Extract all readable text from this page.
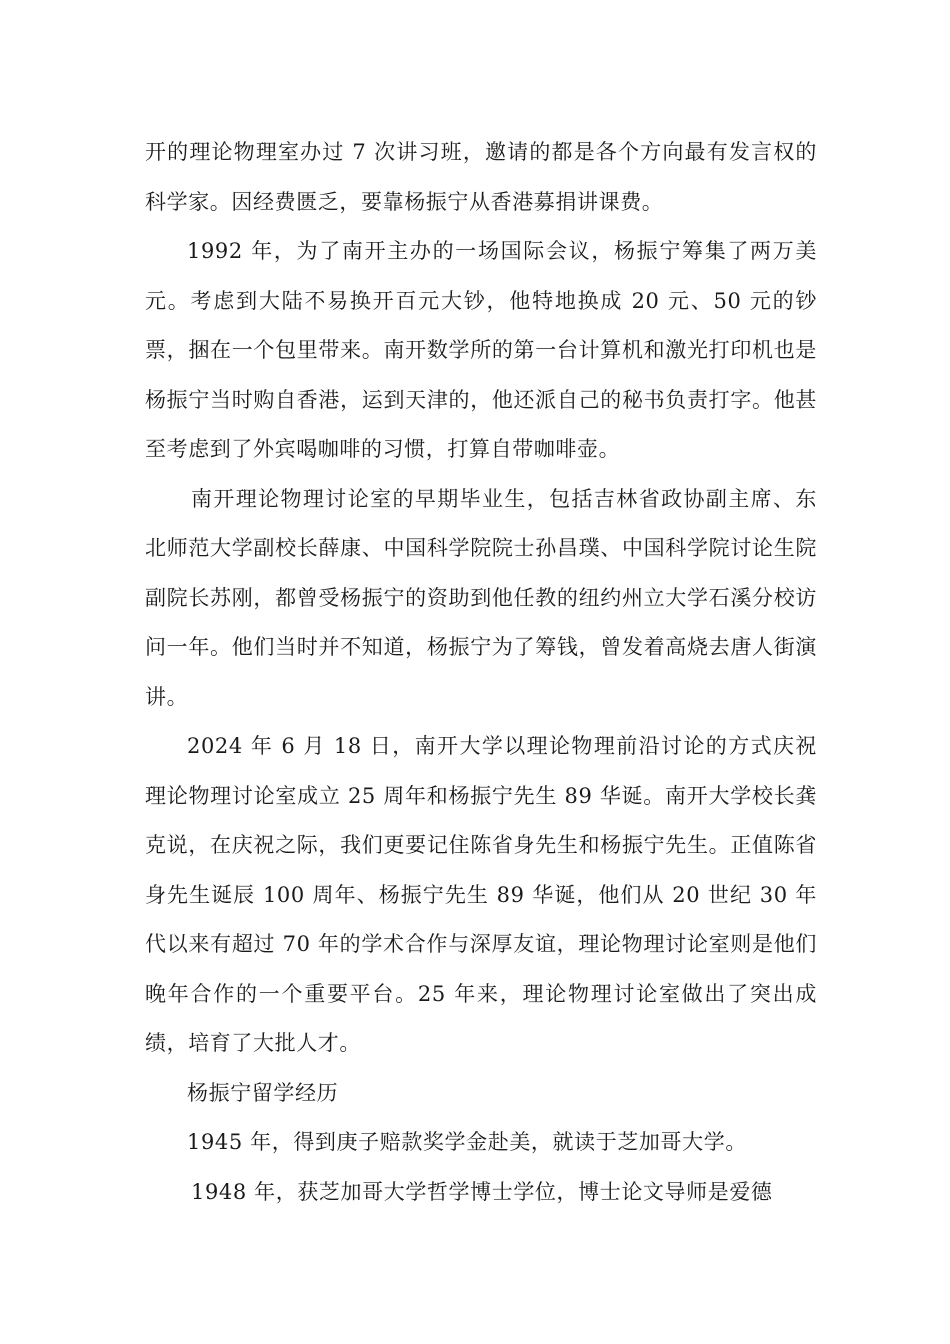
开的理论物理室办过 7 次讲习班，邀请的都是各个方向最有发言权的科学家。因经费匮乏，要靠杨振宁从香港募捐讲课费。

1992 年，为了南开主办的一场国际会议，杨振宁筹集了两万美元。考虑到大陆不易换开百元大钞，他特地换成 20 元、50 元的钞票，捆在一个包里带来。南开数学所的第一台计算机和激光打印机也是杨振宁当时购自香港，运到天津的，他还派自己的秘书负责打字。他甚至考虑到了外宾喝咖啡的习惯，打算自带咖啡壶。

南开理论物理讨论室的早期毕业生，包括吉林省政协副主席、东北师范大学副校长薛康、中国科学院院士孙昌璞、中国科学院讨论生院副院长苏刚，都曾受杨振宁的资助到他任教的纽约州立大学石溪分校访问一年。他们当时并不知道，杨振宁为了筹钱，曾发着高烧去唐人街演讲。

2024 年 6 月 18 日，南开大学以理论物理前沿讨论的方式庆祝理论物理讨论室成立 25 周年和杨振宁先生 89 华诞。南开大学校长龚克说，在庆祝之际，我们更要记住陈省身先生和杨振宁先生。正值陈省身先生诞辰 100 周年、杨振宁先生 89 华诞，他们从 20 世纪 30 年代以来有超过 70 年的学术合作与深厚友谊，理论物理讨论室则是他们晚年合作的一个重要平台。25 年来，理论物理讨论室做出了突出成绩，培育了大批人才。

杨振宁留学经历

1945 年，得到庚子赔款奖学金赴美，就读于芝加哥大学。

1948 年，获芝加哥大学哲学博士学位，博士论文导师是爱德
